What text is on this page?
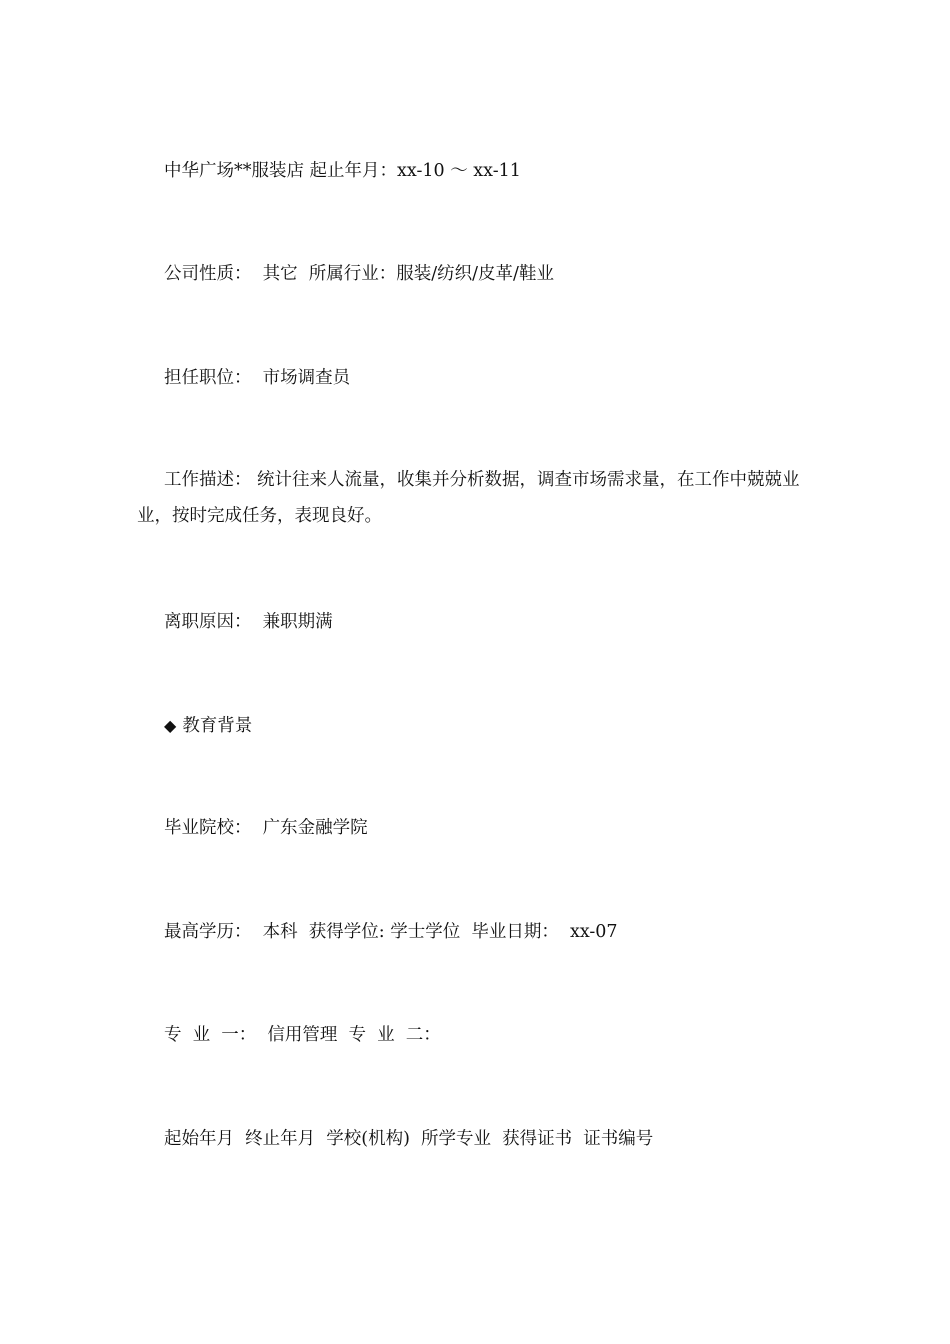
中华广场**服装店 起止年月：xx-10 ～ xx-11
公司性质：  其它  所属行业：服装/纺织/皮革/鞋业
担任职位：  市场调查员
工作描述： 统计往来人流量，收集并分析数据，调查市场需求量，在工作中兢兢业业，按时完成任务，表现良好。
离职原因：  兼职期满
◆ 教育背景
毕业院校：  广东金融学院
最高学历：  本科  获得学位: 学士学位  毕业日期：  xx-07
专  业  一：  信用管理  专  业  二：
起始年月  终止年月  学校(机构)  所学专业  获得证书  证书编号
